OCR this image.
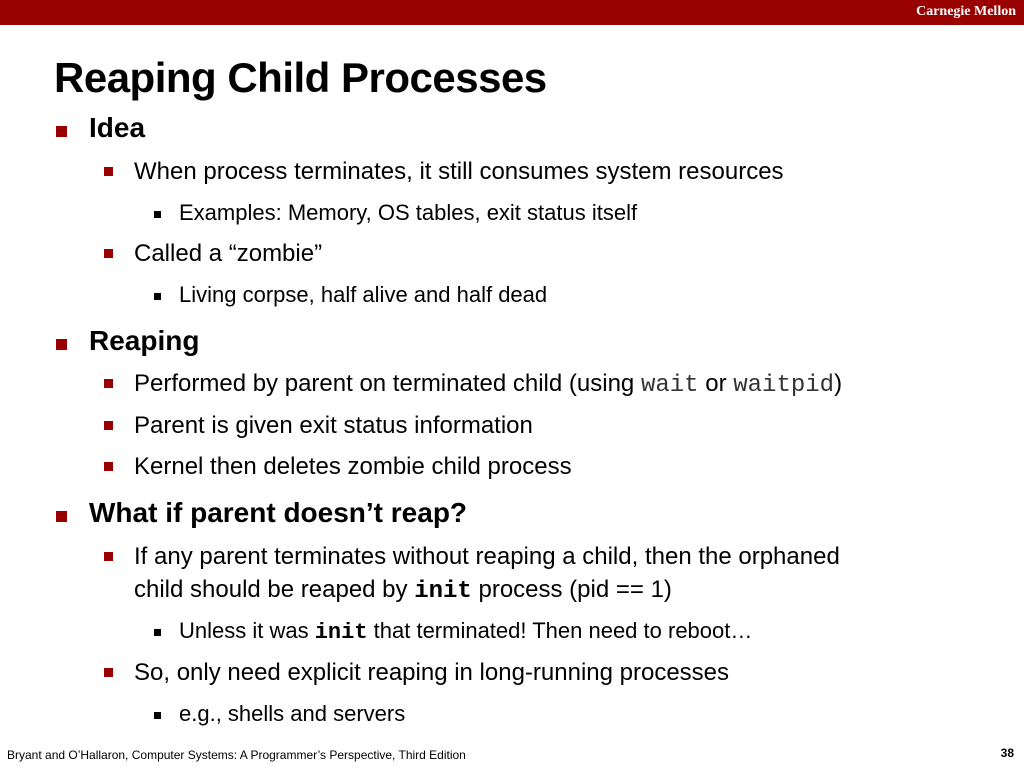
Carnegie Mellon
Reaping Child Processes
Idea
When process terminates, it still consumes system resources
Examples: Memory, OS tables, exit status itself
Called a “zombie”
Living corpse, half alive and half dead
Reaping
Performed by parent on terminated child (using wait or waitpid)
Parent is given exit status information
Kernel then deletes zombie child process
What if parent doesn’t reap?
If any parent terminates without reaping a child, then the orphaned
child should be reaped by init process (pid == 1)
Unless it was init that terminated! Then need to reboot…
So, only need explicit reaping in long-running processes
e.g., shells and servers
Bryant and O’Hallaron, Computer Systems: A Programmer’s Perspective, Third Edition	38
